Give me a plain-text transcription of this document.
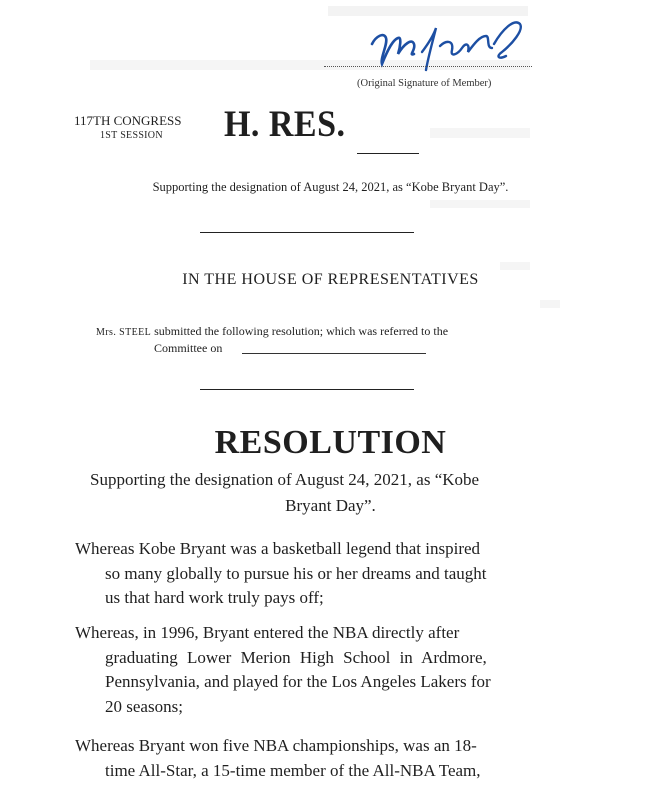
(Original Signature of Member)
117TH CONGRESS
1ST SESSION	H. RES.
Supporting the designation of August 24, 2021, as “Kobe Bryant Day”.
IN THE HOUSE OF REPRESENTATIVES
Mrs. STEEL submitted the following resolution; which was referred to the
Committee on
RESOLUTION
Supporting the designation of August 24, 2021, as “Kobe
Bryant Day”.
Whereas Kobe Bryant was a basketball legend that inspired
so many globally to pursue his or her dreams and taught
us that hard work truly pays off;
Whereas, in 1996, Bryant entered the NBA directly after
graduating Lower Merion High School in Ardmore,
Pennsylvania, and played for the Los Angeles Lakers for
20 seasons;
Whereas Bryant won five NBA championships, was an 18-
time All-Star, a 15-time member of the All-NBA Team,
